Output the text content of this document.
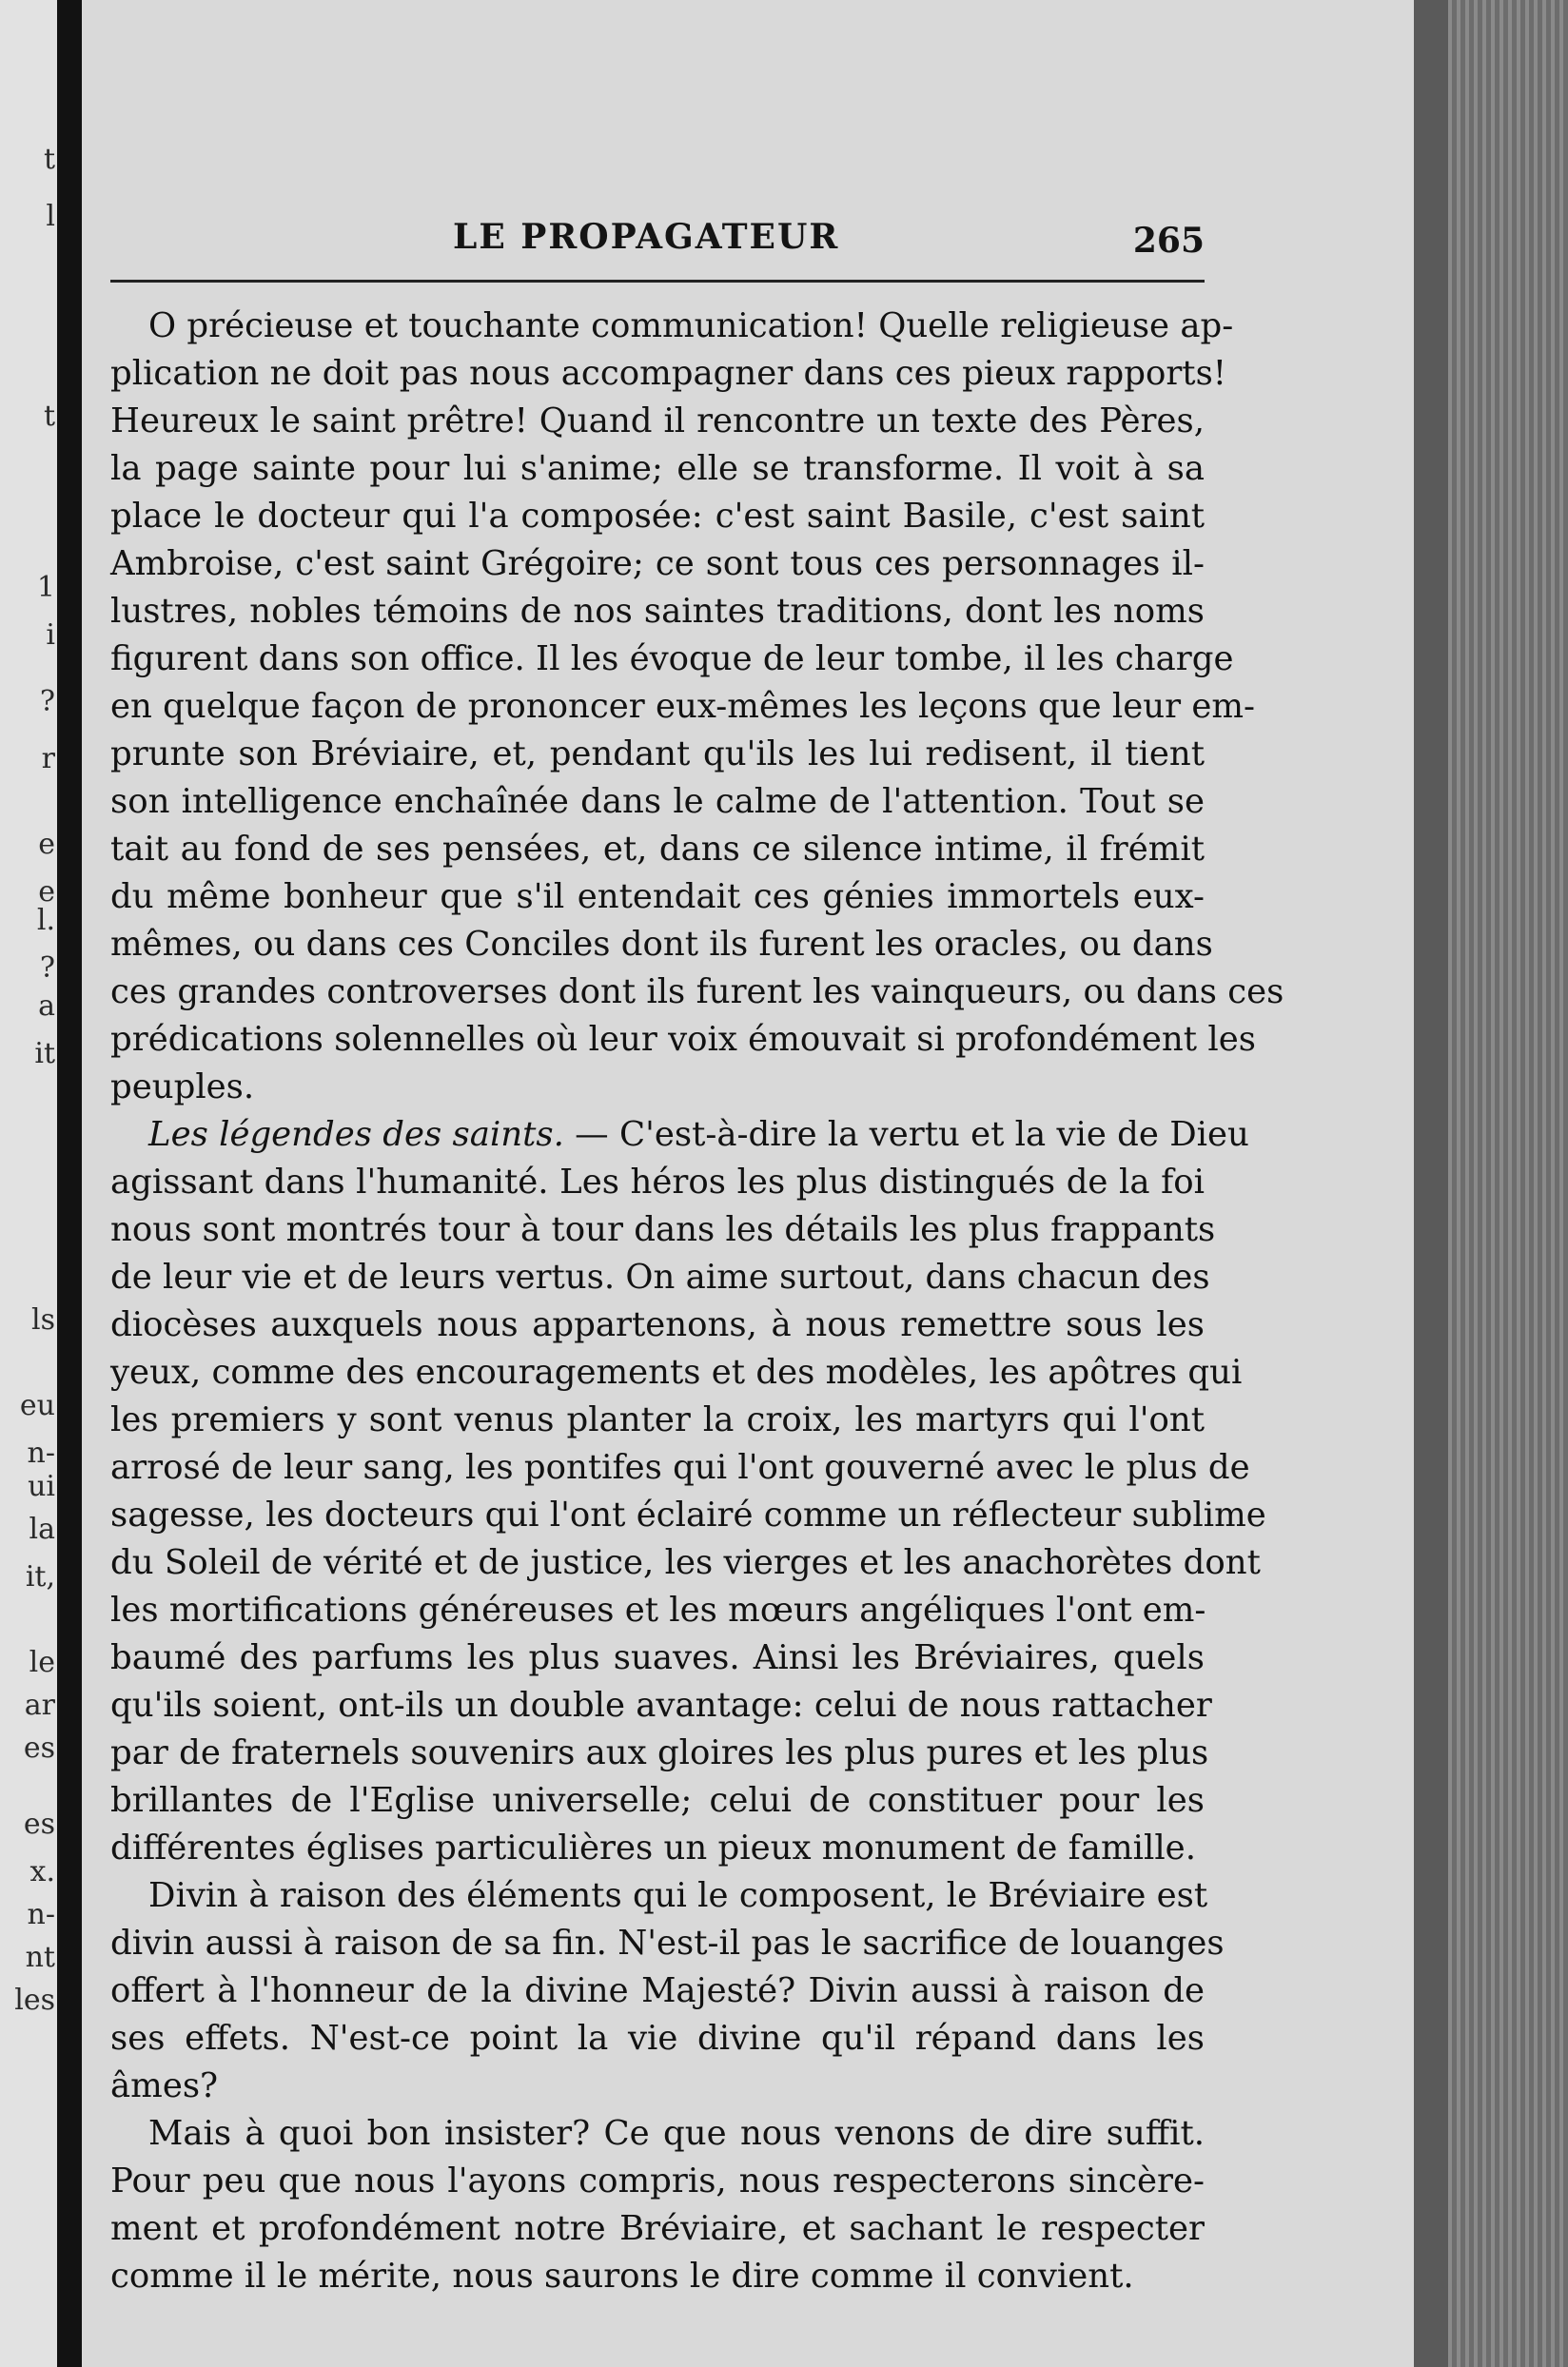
t
l
t
1
i
?
r
e
e
l.
?
a
it
ls
eu
n-
ui
la
it,
le
ar
es
es
x.
n-
nt
les
LE PROPAGATEUR	265
O précieuse et touchante communication! Quelle religieuse ap-
plication ne doit pas nous accompagner dans ces pieux rapports!
Heureux le saint prêtre! Quand il rencontre un texte des Pères,
la page sainte pour lui s'anime; elle se transforme. Il voit à sa
place le docteur qui l'a composée: c'est saint Basile, c'est saint
Ambroise, c'est saint Grégoire; ce sont tous ces personnages il-
lustres, nobles témoins de nos saintes traditions, dont les noms
figurent dans son office. Il les évoque de leur tombe, il les charge
en quelque façon de prononcer eux-mêmes les leçons que leur em-
prunte son Bréviaire, et, pendant qu'ils les lui redisent, il tient
son intelligence enchaînée dans le calme de l'attention. Tout se
tait au fond de ses pensées, et, dans ce silence intime, il frémit
du même bonheur que s'il entendait ces génies immortels eux-
mêmes, ou dans ces Conciles dont ils furent les oracles, ou dans
ces grandes controverses dont ils furent les vainqueurs, ou dans ces
prédications solennelles où leur voix émouvait si profondément les
peuples.
Les légendes des saints. — C'est-à-dire la vertu et la vie de Dieu
agissant dans l'humanité. Les héros les plus distingués de la foi
nous sont montrés tour à tour dans les détails les plus frappants
de leur vie et de leurs vertus. On aime surtout, dans chacun des
diocèses auxquels nous appartenons, à nous remettre sous les
yeux, comme des encouragements et des modèles, les apôtres qui
les premiers y sont venus planter la croix, les martyrs qui l'ont
arrosé de leur sang, les pontifes qui l'ont gouverné avec le plus de
sagesse, les docteurs qui l'ont éclairé comme un réflecteur sublime
du Soleil de vérité et de justice, les vierges et les anachorètes dont
les mortifications généreuses et les mœurs angéliques l'ont em-
baumé des parfums les plus suaves. Ainsi les Bréviaires, quels
qu'ils soient, ont-ils un double avantage: celui de nous rattacher
par de fraternels souvenirs aux gloires les plus pures et les plus
brillantes de l'Eglise universelle; celui de constituer pour les
différentes églises particulières un pieux monument de famille.
Divin à raison des éléments qui le composent, le Bréviaire est
divin aussi à raison de sa fin. N'est-il pas le sacrifice de louanges
offert à l'honneur de la divine Majesté? Divin aussi à raison de
ses effets. N'est-ce point la vie divine qu'il répand dans les
âmes?
Mais à quoi bon insister? Ce que nous venons de dire suffit.
Pour peu que nous l'ayons compris, nous respecterons sincère-
ment et profondément notre Bréviaire, et sachant le respecter
comme il le mérite, nous saurons le dire comme il convient.
